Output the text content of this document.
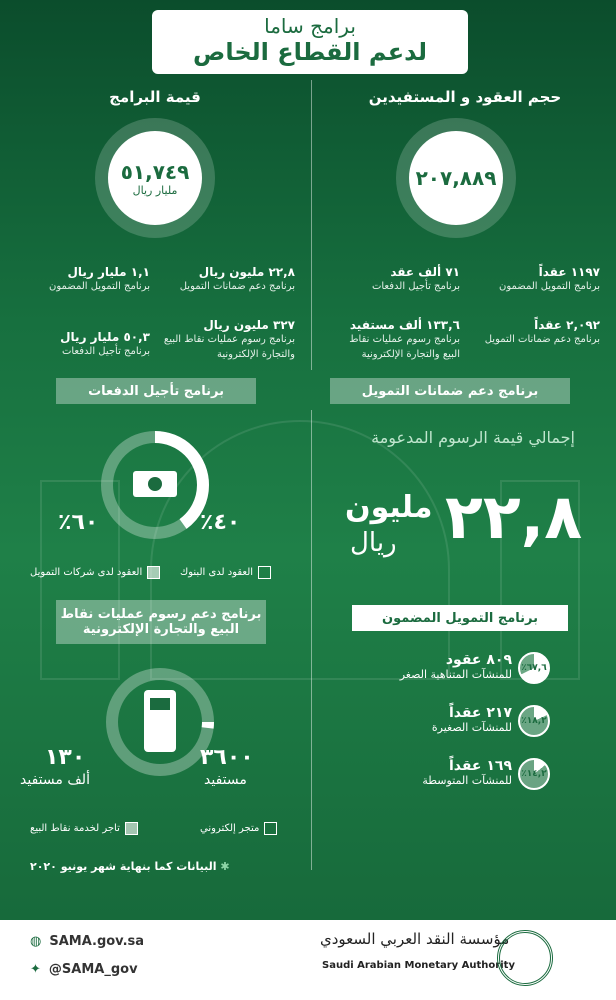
برامج ساما
لدعم القطاع الخاص
حجم العقود و المستفيدين
٢٠٧,٨٨٩
١١٩٧ عقداً
برنامج التمويل المضمون
٧١ ألف عقد
برنامج تأجيل الدفعات
٢,٠٩٢ عقداً
برنامج دعم ضمانات التمويل
١٣٣,٦ ألف مستفيد
برنامج رسوم عمليات نقاط البيع والتجارة الإلكترونية
قيمة البرامج
٥١,٧٤٩
مليار ريال
٢٢,٨ مليون ريال
برنامج دعم ضمانات التمويل
١,١ مليار ريال
برنامج التمويل المضمون
٣٢٧ مليون ريال
برنامج رسوم عمليات نقاط البيع والتجارة الإلكترونية
٥٠,٣ مليار ريال
برنامج تأجيل الدفعات
برنامج تأجيل الدفعات	برنامج دعم ضمانات التمويل
٤٠٪
٦٠٪
العقود لدى البنوك
العقود لدى شركات التمويل
إجمالي قيمة الرسوم المدعومة
٢٢,٨
مليون
ريال
برنامج دعم رسوم عمليات نقاط البيع والتجارة الإلكترونية
برنامج التمويل المضمون
٣٦٠٠
مستفيد
١٣٠
ألف مستفيد
متجر إلكتروني
تاجر لخدمة نقاط البيع
٦٧,٦٪
٨٠٩ عقود
للمنشآت المتناهية الصغر
١٨,٢٪
٢١٧ عقداً
للمنشآت الصغيرة
١٤,٢٪
١٦٩ عقداً
للمنشآت المتوسطة
✱ البيانات كما بنهاية شهر يونيو ٢٠٢٠
◍ SAMA.gov.sa
✦ @SAMA_gov
مؤسسة النقد العربي السعودي
Saudi Arabian Monetary Authority
